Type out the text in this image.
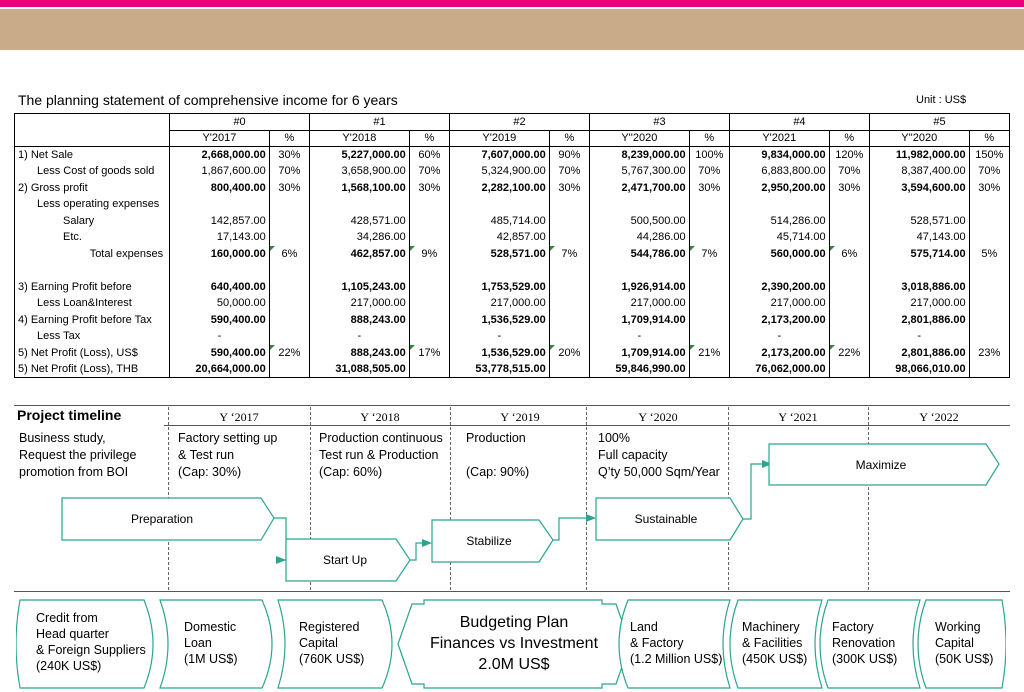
The planning statement of comprehensive income for 6 years	Unit : US$
	#0		#1		#2		#3		#4		#5	
	Y'2017	%	Y'2018	%	Y'2019	%	Y''2020	%	Y'2021	%	Y''2020	%
1) Net Sale	2,668,000.00	30%	5,227,000.00	60%	7,607,000.00	90%	8,239,000.00	100%	9,834,000.00	120%	11,982,000.00	150%
Less Cost of goods sold	1,867,600.00	70%	3,658,900.00	70%	5,324,900.00	70%	5,767,300.00	70%	6,883,800.00	70%	8,387,400.00	70%
2) Gross profit	800,400.00	30%	1,568,100.00	30%	2,282,100.00	30%	2,471,700.00	30%	2,950,200.00	30%	3,594,600.00	30%
Less operating expenses												
Salary	142,857.00		428,571.00		485,714.00		500,500.00		514,286.00		528,571.00	
Etc.	17,143.00		34,286.00		42,857.00		44,286.00		45,714.00		47,143.00	
Total expenses	160,000.00	6%	462,857.00	9%	528,571.00	7%	544,786.00	7%	560,000.00	6%	575,714.00	5%

3) Earning Profit before	640,400.00		1,105,243.00		1,753,529.00		1,926,914.00		2,390,200.00		3,018,886.00	
Less Loan&Interest	50,000.00		217,000.00		217,000.00		217,000.00		217,000.00		217,000.00	
4) Earning Profit before Tax	590,400.00		888,243.00		1,536,529.00		1,709,914.00		2,173,200.00		2,801,886.00	
Less Tax	-		-		-		-		-		-	
5) Net Profit (Loss), US$	590,400.00	22%	888,243.00	17%	1,536,529.00	20%	1,709,914.00	21%	2,173,200.00	22%	2,801,886.00	23%
5) Net Profit (Loss), THB	20,664,000.00		31,088,505.00		53,778,515.00		59,846,990.00		76,062,000.00		98,066,010.00	
Project timeline	Y ‘2017	Y ‘2018	Y ‘2019	Y ‘2020	Y ‘2021	Y ‘2022
Business study,
Request the privilege
promotion from BOI
Factory setting up
& Test run
(Cap: 30%)
Production continuous
Test run & Production
(Cap: 60%)
Production

(Cap: 90%)
100%
Full capacity
Q’ty 50,000 Sqm/Year
Preparation
Start Up
Stabilize
Sustainable
Maximize
Credit from
Head quarter
& Foreign Suppliers
(240K US$)
Domestic
Loan
(1M US$)
Registered
Capital
(760K US$)
Budgeting Plan
Finances vs Investment
2.0M US$
Land
& Factory
(1.2 Million US$)
Machinery
& Facilities
(450K US$)
Factory
Renovation
(300K US$)
Working
Capital
(50K US$)
